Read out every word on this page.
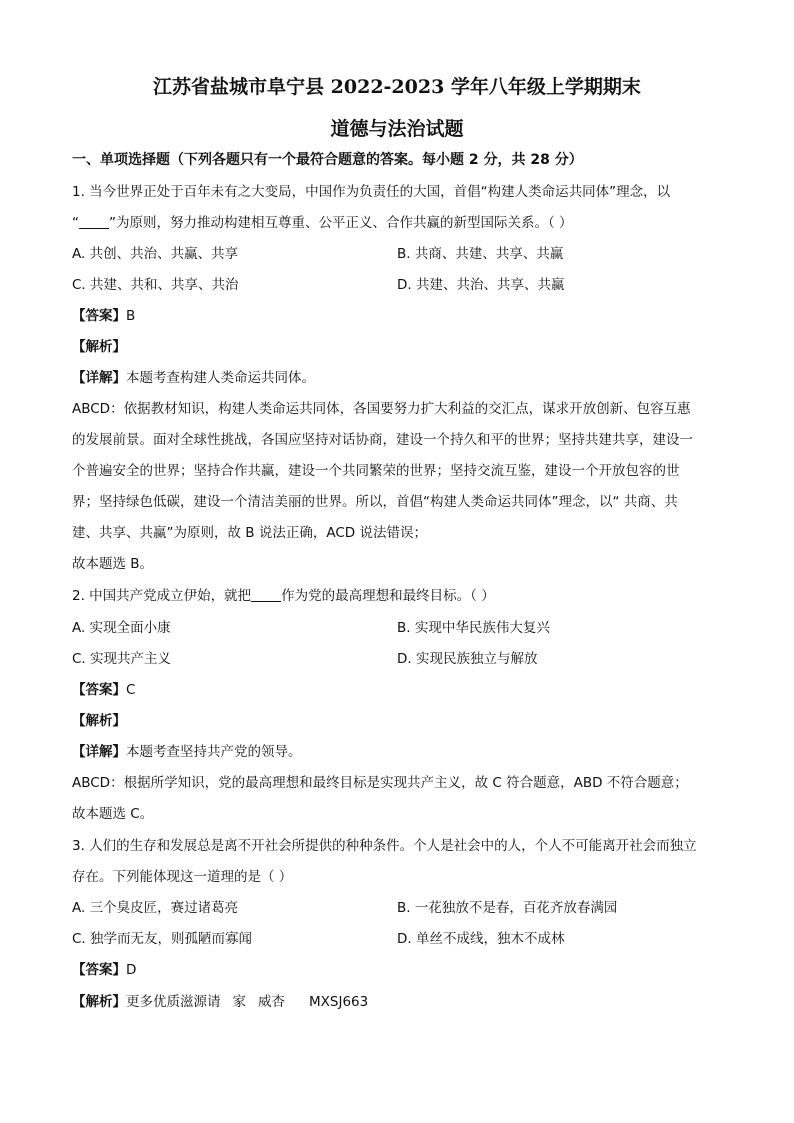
江苏省盐城市阜宁县 2022-2023 学年八年级上学期期末
道德与法治试题
一、单项选择题（下列各题只有一个最符合题意的答案。每小题 2 分，共 28 分）
1. 当今世界正处于百年未有之大变局，中国作为负责任的大国，首倡“构建人类命运共同体”理念，以
“ ”为原则，努力推动构建相互尊重、公平正义、合作共赢的新型国际关系。（ ）
A. 共创、共治、共赢、共享	B. 共商、共建、共享、共赢
C. 共建、共和、共享、共治	D. 共建、共治、共享、共赢
【答案】B
【解析】
【详解】本题考查构建人类命运共同体。
ABCD：依据教材知识，构建人类命运共同体，各国要努力扩大利益的交汇点，谋求开放创新、包容互惠
的发展前景。面对全球性挑战，各国应坚持对话协商，建设一个持久和平的世界；坚持共建共享，建设一
个普遍安全的世界；坚持合作共赢，建设一个共同繁荣的世界；坚持交流互鉴，建设一个开放包容的世
界；坚持绿色低碳，建设一个清洁美丽的世界。所以，首倡“构建人类命运共同体”理念，以“ 共商、共
建、共享、共赢”为原则，故 B 说法正确，ACD 说法错误；
故本题选 B。
2. 中国共产党成立伊始，就把 作为党的最高理想和最终目标。（ ）
A. 实现全面小康	B. 实现中华民族伟大复兴
C. 实现共产主义	D. 实现民族独立与解放
【答案】C
【解析】
【详解】本题考查坚持共产党的领导。
ABCD：根据所学知识，党的最高理想和最终目标是实现共产主义，故 C 符合题意，ABD 不符合题意；
故本题选 C。
3. 人们的生存和发展总是离不开社会所提供的种种条件。个人是社会中的人，个人不可能离开社会而独立
存在。下列能体现这一道理的是（ ）
A. 三个臭皮匠，赛过诸葛亮	B. 一花独放不是春，百花齐放春满园
C. 独学而无友，则孤陋而寡闻	D. 单丝不成线，独木不成林
【答案】D
【解析】更多优质滋源请 家 威杏 MXSJ663
